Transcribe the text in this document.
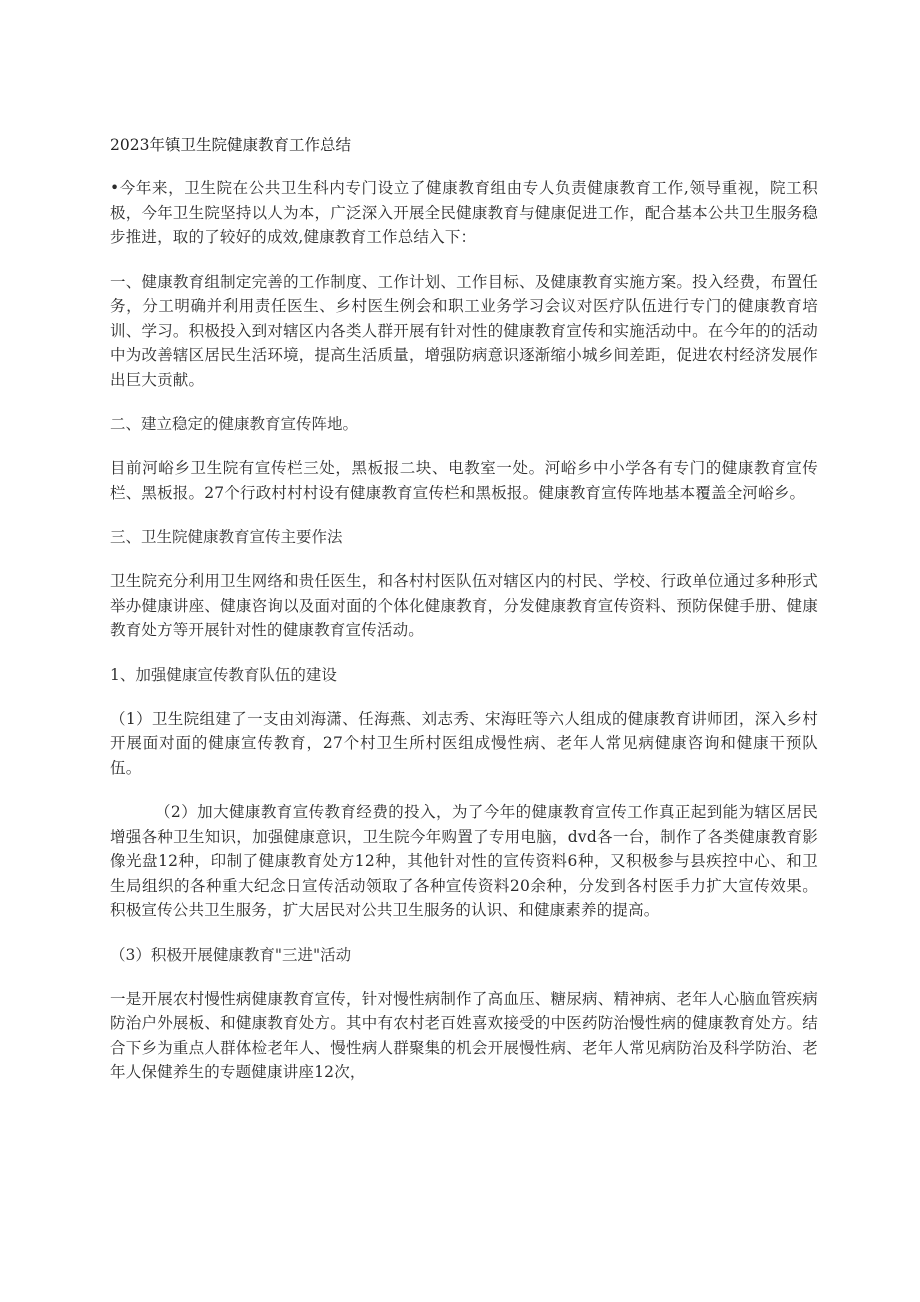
2023年镇卫生院健康教育工作总结

•今年来，卫生院在公共卫生科内专门设立了健康教育组由专人负责健康教育工作,领导重视，院工积极，今年卫生院坚持以人为本，广泛深入开展全民健康教育与健康促进工作，配合基本公共卫生服务稳步推进，取的了较好的成效,健康教育工作总结入下：

一、健康教育组制定完善的工作制度、工作计划、工作目标、及健康教育实施方案。投入经费，布置任务，分工明确并利用责任医生、乡村医生例会和职工业务学习会议对医疗队伍进行专门的健康教育培训、学习。积极投入到对辖区内各类人群开展有针对性的健康教育宣传和实施活动中。在今年的的活动中为改善辖区居民生活环境，提高生活质量，增强防病意识逐渐缩小城乡间差距，促进农村经济发展作出巨大贡献。

二、建立稳定的健康教育宣传阵地。

目前河峪乡卫生院有宣传栏三处，黑板报二块、电教室一处。河峪乡中小学各有专门的健康教育宣传栏、黑板报。27个行政村村村设有健康教育宣传栏和黑板报。健康教育宣传阵地基本覆盖全河峪乡。

三、卫生院健康教育宣传主要作法

卫生院充分利用卫生网络和贵任医生，和各村村医队伍对辖区内的村民、学校、行政单位通过多种形式举办健康讲座、健康咨询以及面对面的个体化健康教育，分发健康教育宣传资料、预防保健手册、健康教育处方等开展针对性的健康教育宣传活动。

1、加强健康宣传教育队伍的建设

（1）卫生院组建了一支由刘海潇、任海燕、刘志秀、宋海旺等六人组成的健康教育讲师团，深入乡村开展面对面的健康宣传教育，27个村卫生所村医组成慢性病、老年人常见病健康咨询和健康干预队伍。

（2）加大健康教育宣传教育经费的投入，为了今年的健康教育宣传工作真正起到能为辖区居民增强各种卫生知识，加强健康意识，卫生院今年购置了专用电脑，dvd各一台，制作了各类健康教育影像光盘12种，印制了健康教育处方12种，其他针对性的宣传资料6种，又积极参与县疾控中心、和卫生局组织的各种重大纪念日宣传活动领取了各种宣传资料20余种，分发到各村医手力扩大宣传效果。积极宣传公共卫生服务，扩大居民对公共卫生服务的认识、和健康素养的提高。

（3）积极开展健康教育"三进"活动

一是开展农村慢性病健康教育宣传，针对慢性病制作了高血压、糖尿病、精神病、老年人心脑血管疾病防治户外展板、和健康教育处方。其中有农村老百姓喜欢接受的中医药防治慢性病的健康教育处方。结合下乡为重点人群体检老年人、慢性病人群聚集的机会开展慢性病、老年人常见病防治及科学防治、老年人保健养生的专题健康讲座12次，
